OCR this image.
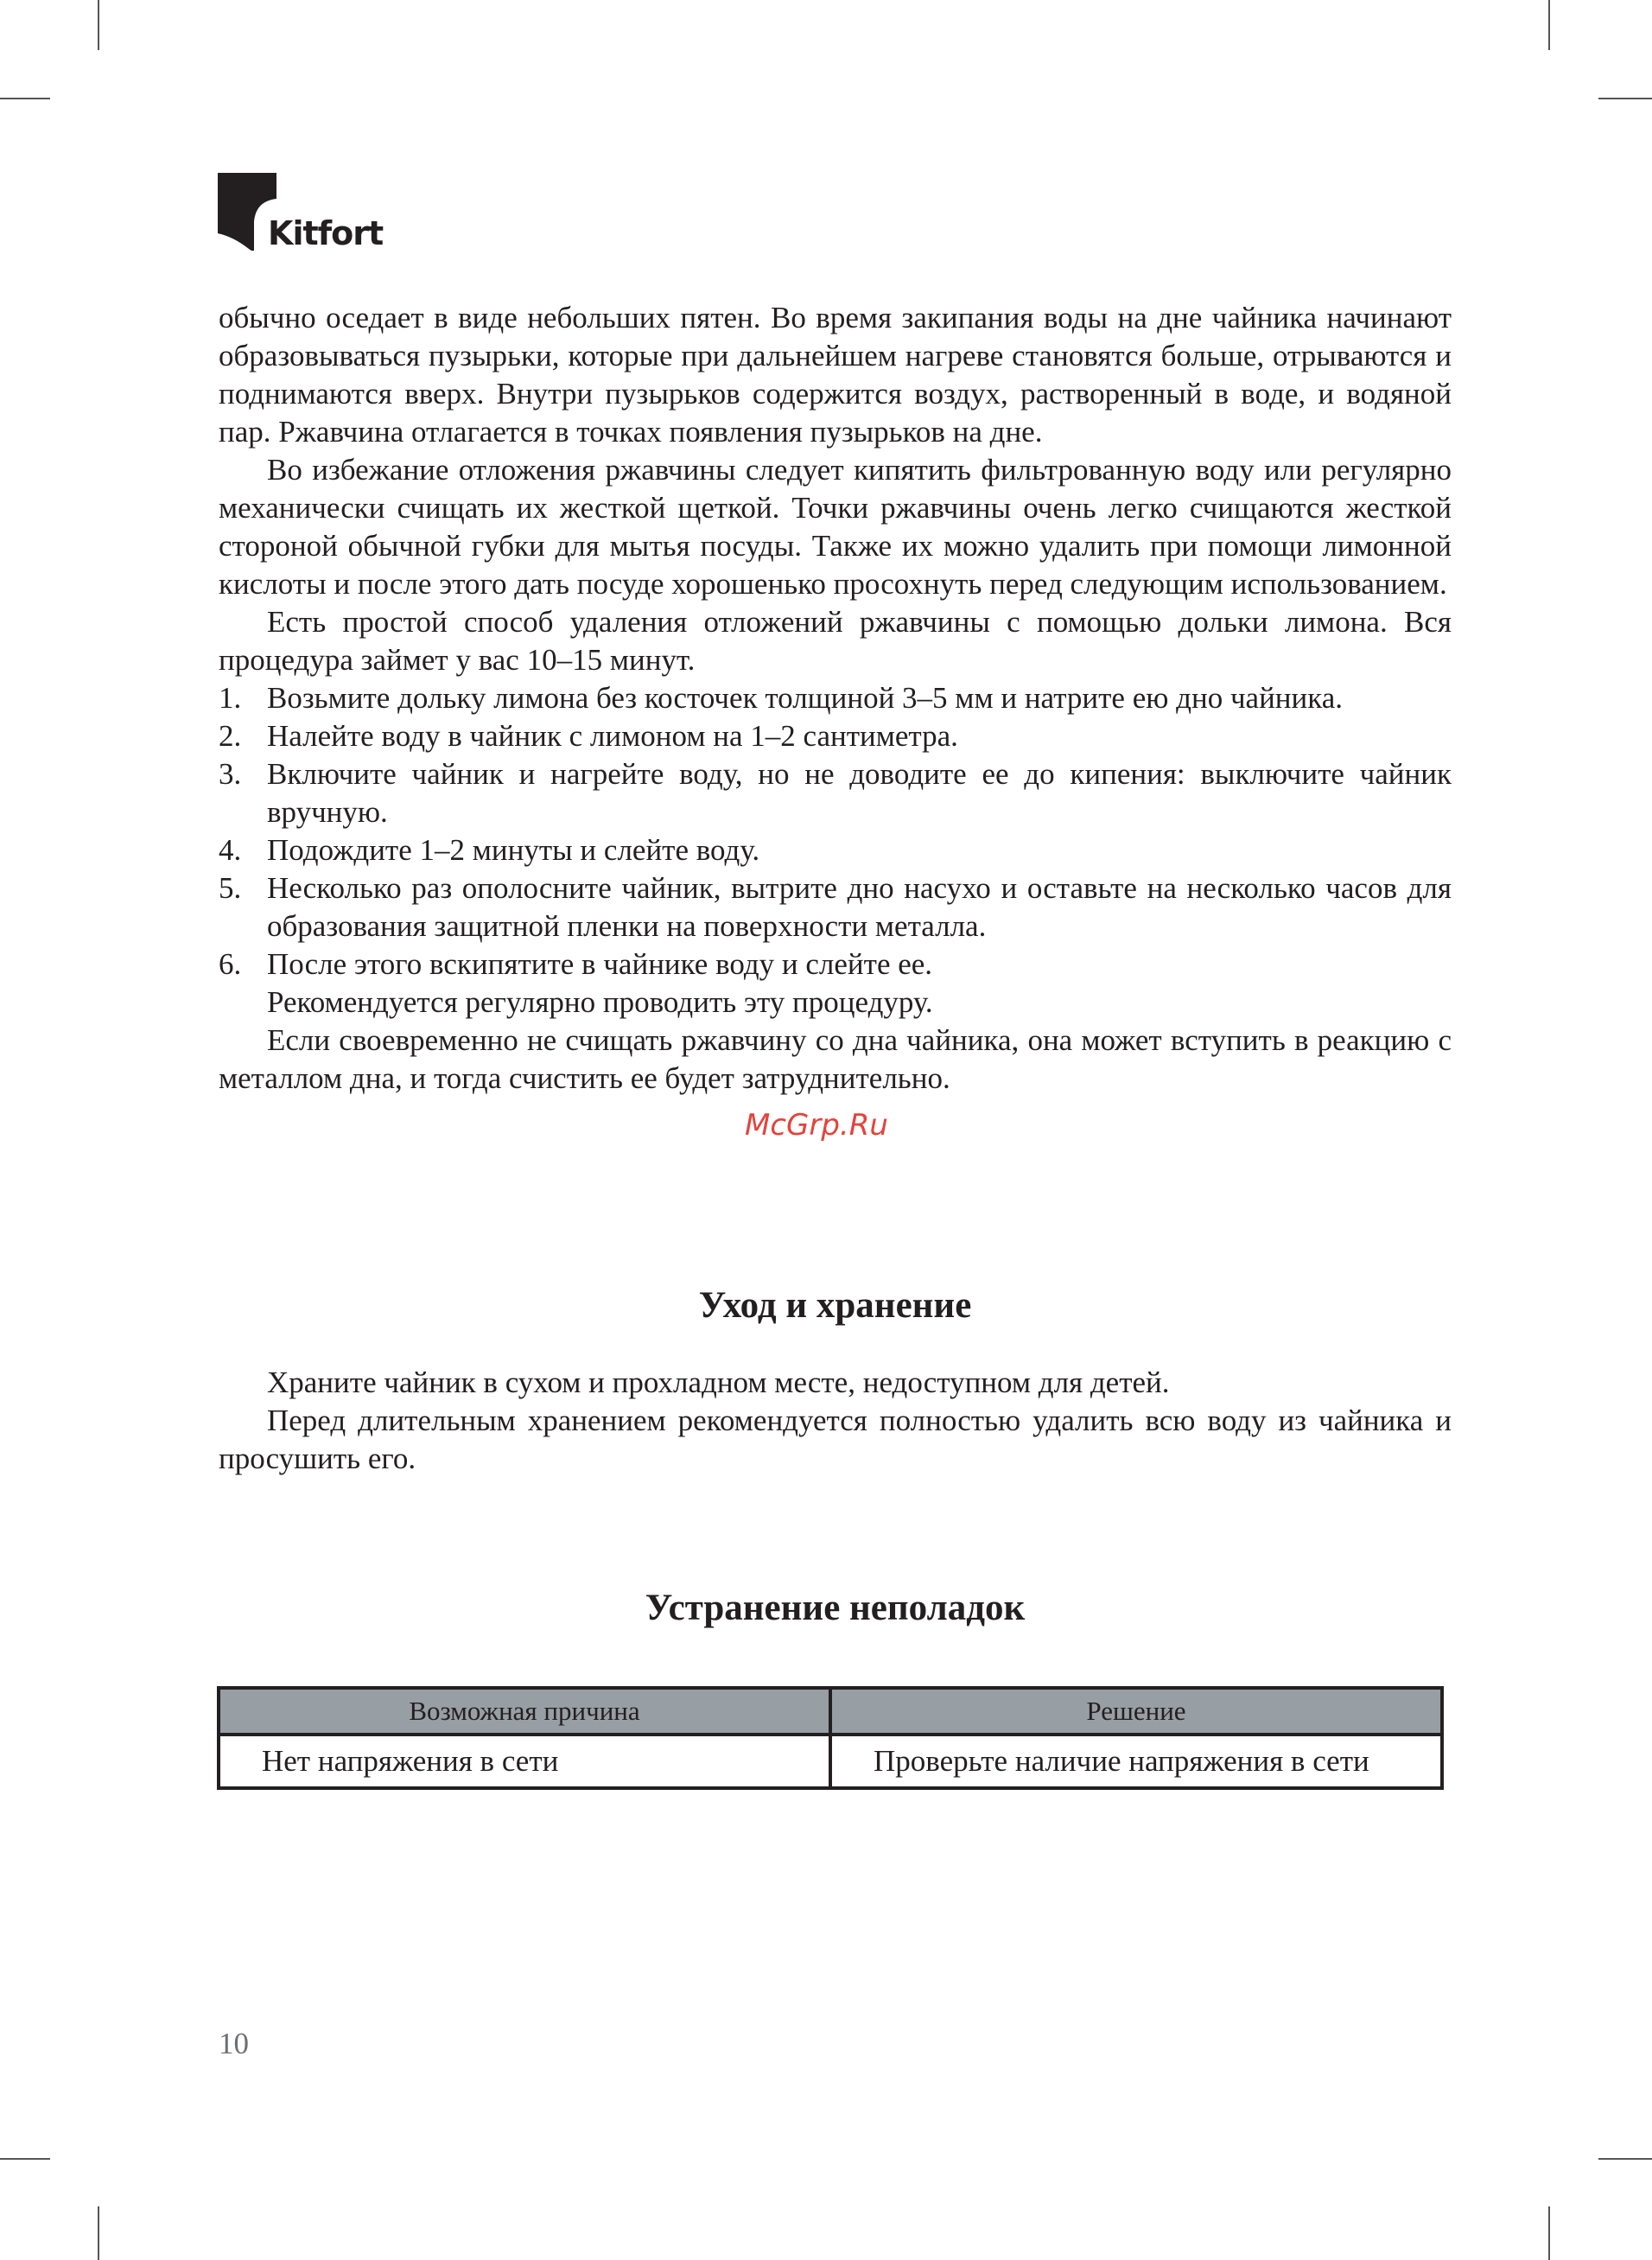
Kitfort

обычно оседает в виде небольших пятен. Во время закипания воды на дне чайника начинают образовываться пузырьки, которые при дальнейшем нагреве становятся больше, отрываются и поднимаются вверх. Внутри пузырьков содержится воздух, растворенный в воде, и водяной пар. Ржавчина отлагается в точках появления пузырьков на дне.

Во избежание отложения ржавчины следует кипятить фильтрованную воду или регулярно механически счищать их жесткой щеткой. Точки ржавчины очень легко счищаются жесткой стороной обычной губки для мытья посуды. Также их можно удалить при помощи лимонной кислоты и после этого дать посуде хорошенько просохнуть перед следующим использованием.

Есть простой способ удаления отложений ржавчины с помощью дольки лимона. Вся процедура займет у вас 10–15 минут.

1. Возьмите дольку лимона без косточек толщиной 3–5 мм и натрите ею дно чайника.
2. Налейте воду в чайник с лимоном на 1–2 сантиметра.
3. Включите чайник и нагрейте воду, но не доводите ее до кипения: выключите чайник вручную.
4. Подождите 1–2 минуты и слейте воду.
5. Несколько раз ополосните чайник, вытрите дно насухо и оставьте на несколько часов для образования защитной пленки на поверхности металла.
6. После этого вскипятите в чайнике воду и слейте ее.

Рекомендуется регулярно проводить эту процедуру.

Если своевременно не счищать ржавчину со дна чайника, она может вступить в реакцию с металлом дна, и тогда счистить ее будет затруднительно.

McGrp.Ru
Уход и хранение

Храните чайник в сухом и прохладном месте, недоступном для детей.

Перед длительным хранением рекомендуется полностью удалить всю воду из чайника и просушить его.

Устранение неполадок
Возможная причина	Решение
Нет напряжения в сети	Проверьте наличие напряжения в сети
10
